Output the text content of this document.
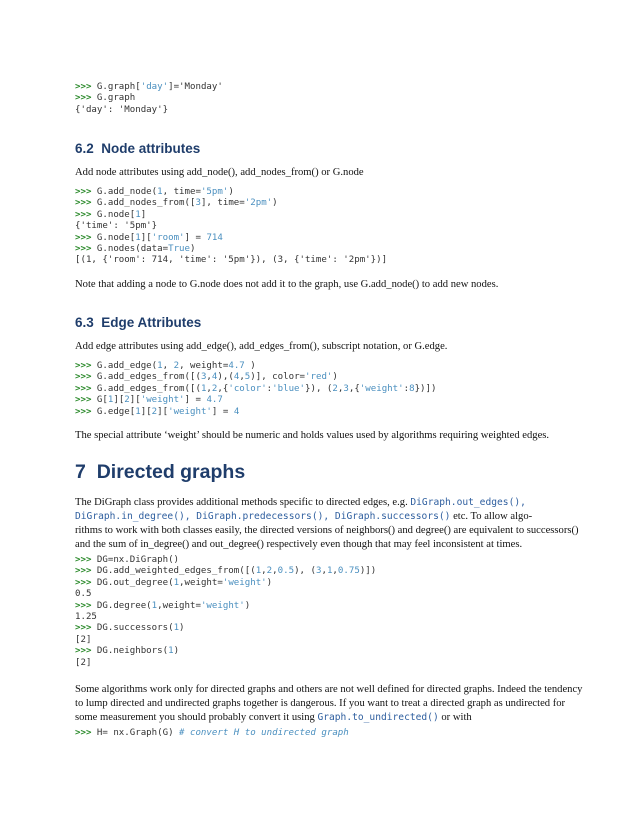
>>> G.graph['day']='Monday'
>>> G.graph
{'day': 'Monday'}
6.2 Node attributes
Add node attributes using add_node(), add_nodes_from() or G.node
>>> G.add_node(1, time='5pm')
>>> G.add_nodes_from([3], time='2pm')
>>> G.node[1]
{'time': '5pm'}
>>> G.node[1]['room'] = 714
>>> G.nodes(data=True)
[(1, {'room': 714, 'time': '5pm'}), (3, {'time': '2pm'})]
Note that adding a node to G.node does not add it to the graph, use G.add_node() to add new nodes.
6.3 Edge Attributes
Add edge attributes using add_edge(), add_edges_from(), subscript notation, or G.edge.
>>> G.add_edge(1, 2, weight=4.7 )
>>> G.add_edges_from([(3,4),(4,5)], color='red')
>>> G.add_edges_from([(1,2,{'color':'blue'}), (2,3,{'weight':8})])
>>> G[1][2]['weight'] = 4.7
>>> G.edge[1][2]['weight'] = 4
The special attribute ‘weight’ should be numeric and holds values used by algorithms requiring weighted edges.
7 Directed graphs
The DiGraph class provides additional methods specific to directed edges, e.g. DiGraph.out_edges(),
DiGraph.in_degree(), DiGraph.predecessors(), DiGraph.successors() etc. To allow algo-
rithms to work with both classes easily, the directed versions of neighbors() and degree() are equivalent to successors()
and the sum of in_degree() and out_degree() respectively even though that may feel inconsistent at times.
>>> DG=nx.DiGraph()
>>> DG.add_weighted_edges_from([(1,2,0.5), (3,1,0.75)])
>>> DG.out_degree(1,weight='weight')
0.5
>>> DG.degree(1,weight='weight')
1.25
>>> DG.successors(1)
[2]
>>> DG.neighbors(1)
[2]
Some algorithms work only for directed graphs and others are not well defined for directed graphs. Indeed the tendency
to lump directed and undirected graphs together is dangerous. If you want to treat a directed graph as undirected for
some measurement you should probably convert it using Graph.to_undirected() or with
>>> H= nx.Graph(G) # convert H to undirected graph
